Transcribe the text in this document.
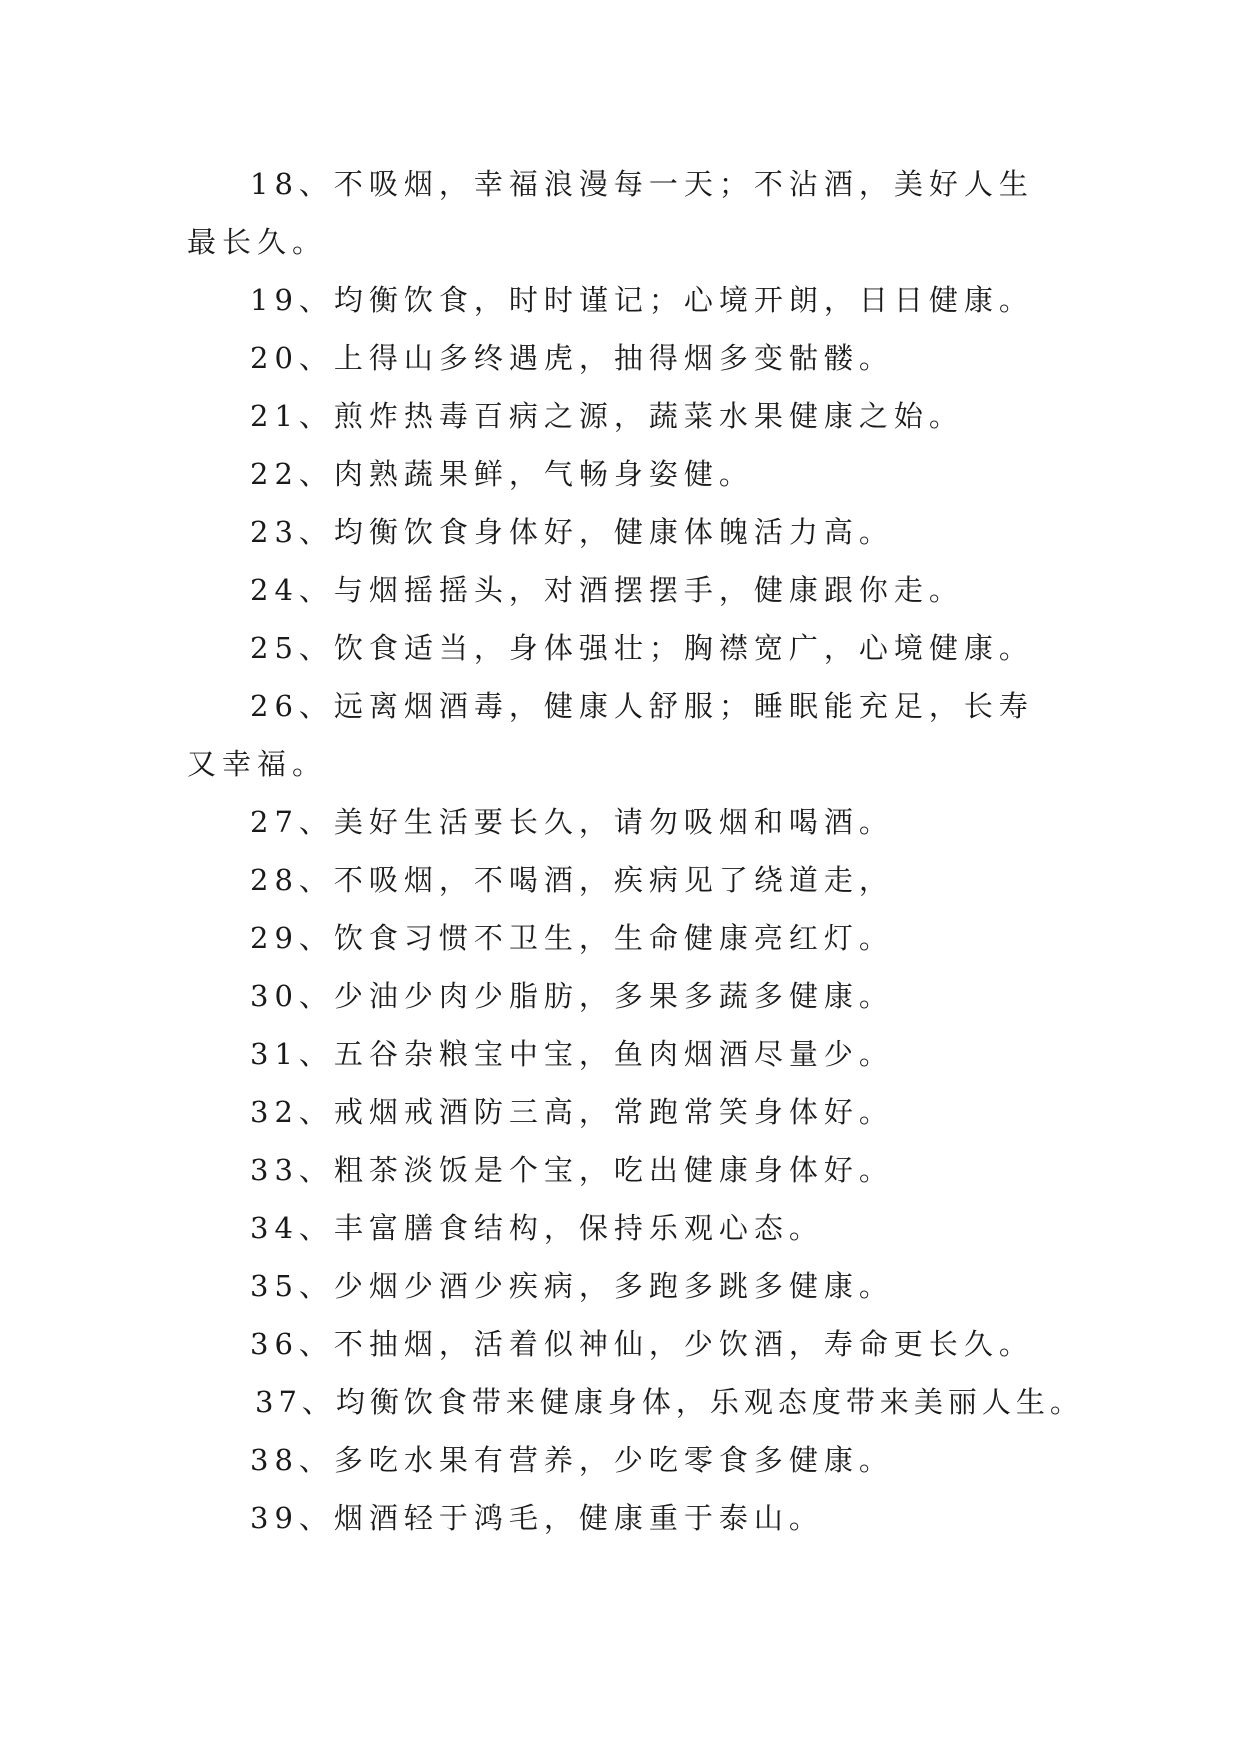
18、不吸烟，幸福浪漫每一天；不沾酒，美好人生最长久。

19、均衡饮食，时时谨记；心境开朗，日日健康。

20、上得山多终遇虎，抽得烟多变骷髅。

21、煎炸热毒百病之源，蔬菜水果健康之始。

22、肉熟蔬果鲜，气畅身姿健。

23、均衡饮食身体好，健康体魄活力高。

24、与烟摇摇头，对酒摆摆手，健康跟你走。

25、饮食适当，身体强壮；胸襟宽广，心境健康。

26、远离烟酒毒，健康人舒服；睡眠能充足，长寿又幸福。

27、美好生活要长久，请勿吸烟和喝酒。

28、不吸烟，不喝酒，疾病见了绕道走，

29、饮食习惯不卫生，生命健康亮红灯。

30、少油少肉少脂肪，多果多蔬多健康。

31、五谷杂粮宝中宝，鱼肉烟酒尽量少。

32、戒烟戒酒防三高，常跑常笑身体好。

33、粗茶淡饭是个宝，吃出健康身体好。

34、丰富膳食结构，保持乐观心态。

35、少烟少酒少疾病，多跑多跳多健康。

36、不抽烟，活着似神仙，少饮酒，寿命更长久。

37、均衡饮食带来健康身体，乐观态度带来美丽人生。

38、多吃水果有营养，少吃零食多健康。

39、烟酒轻于鸿毛，健康重于泰山。
